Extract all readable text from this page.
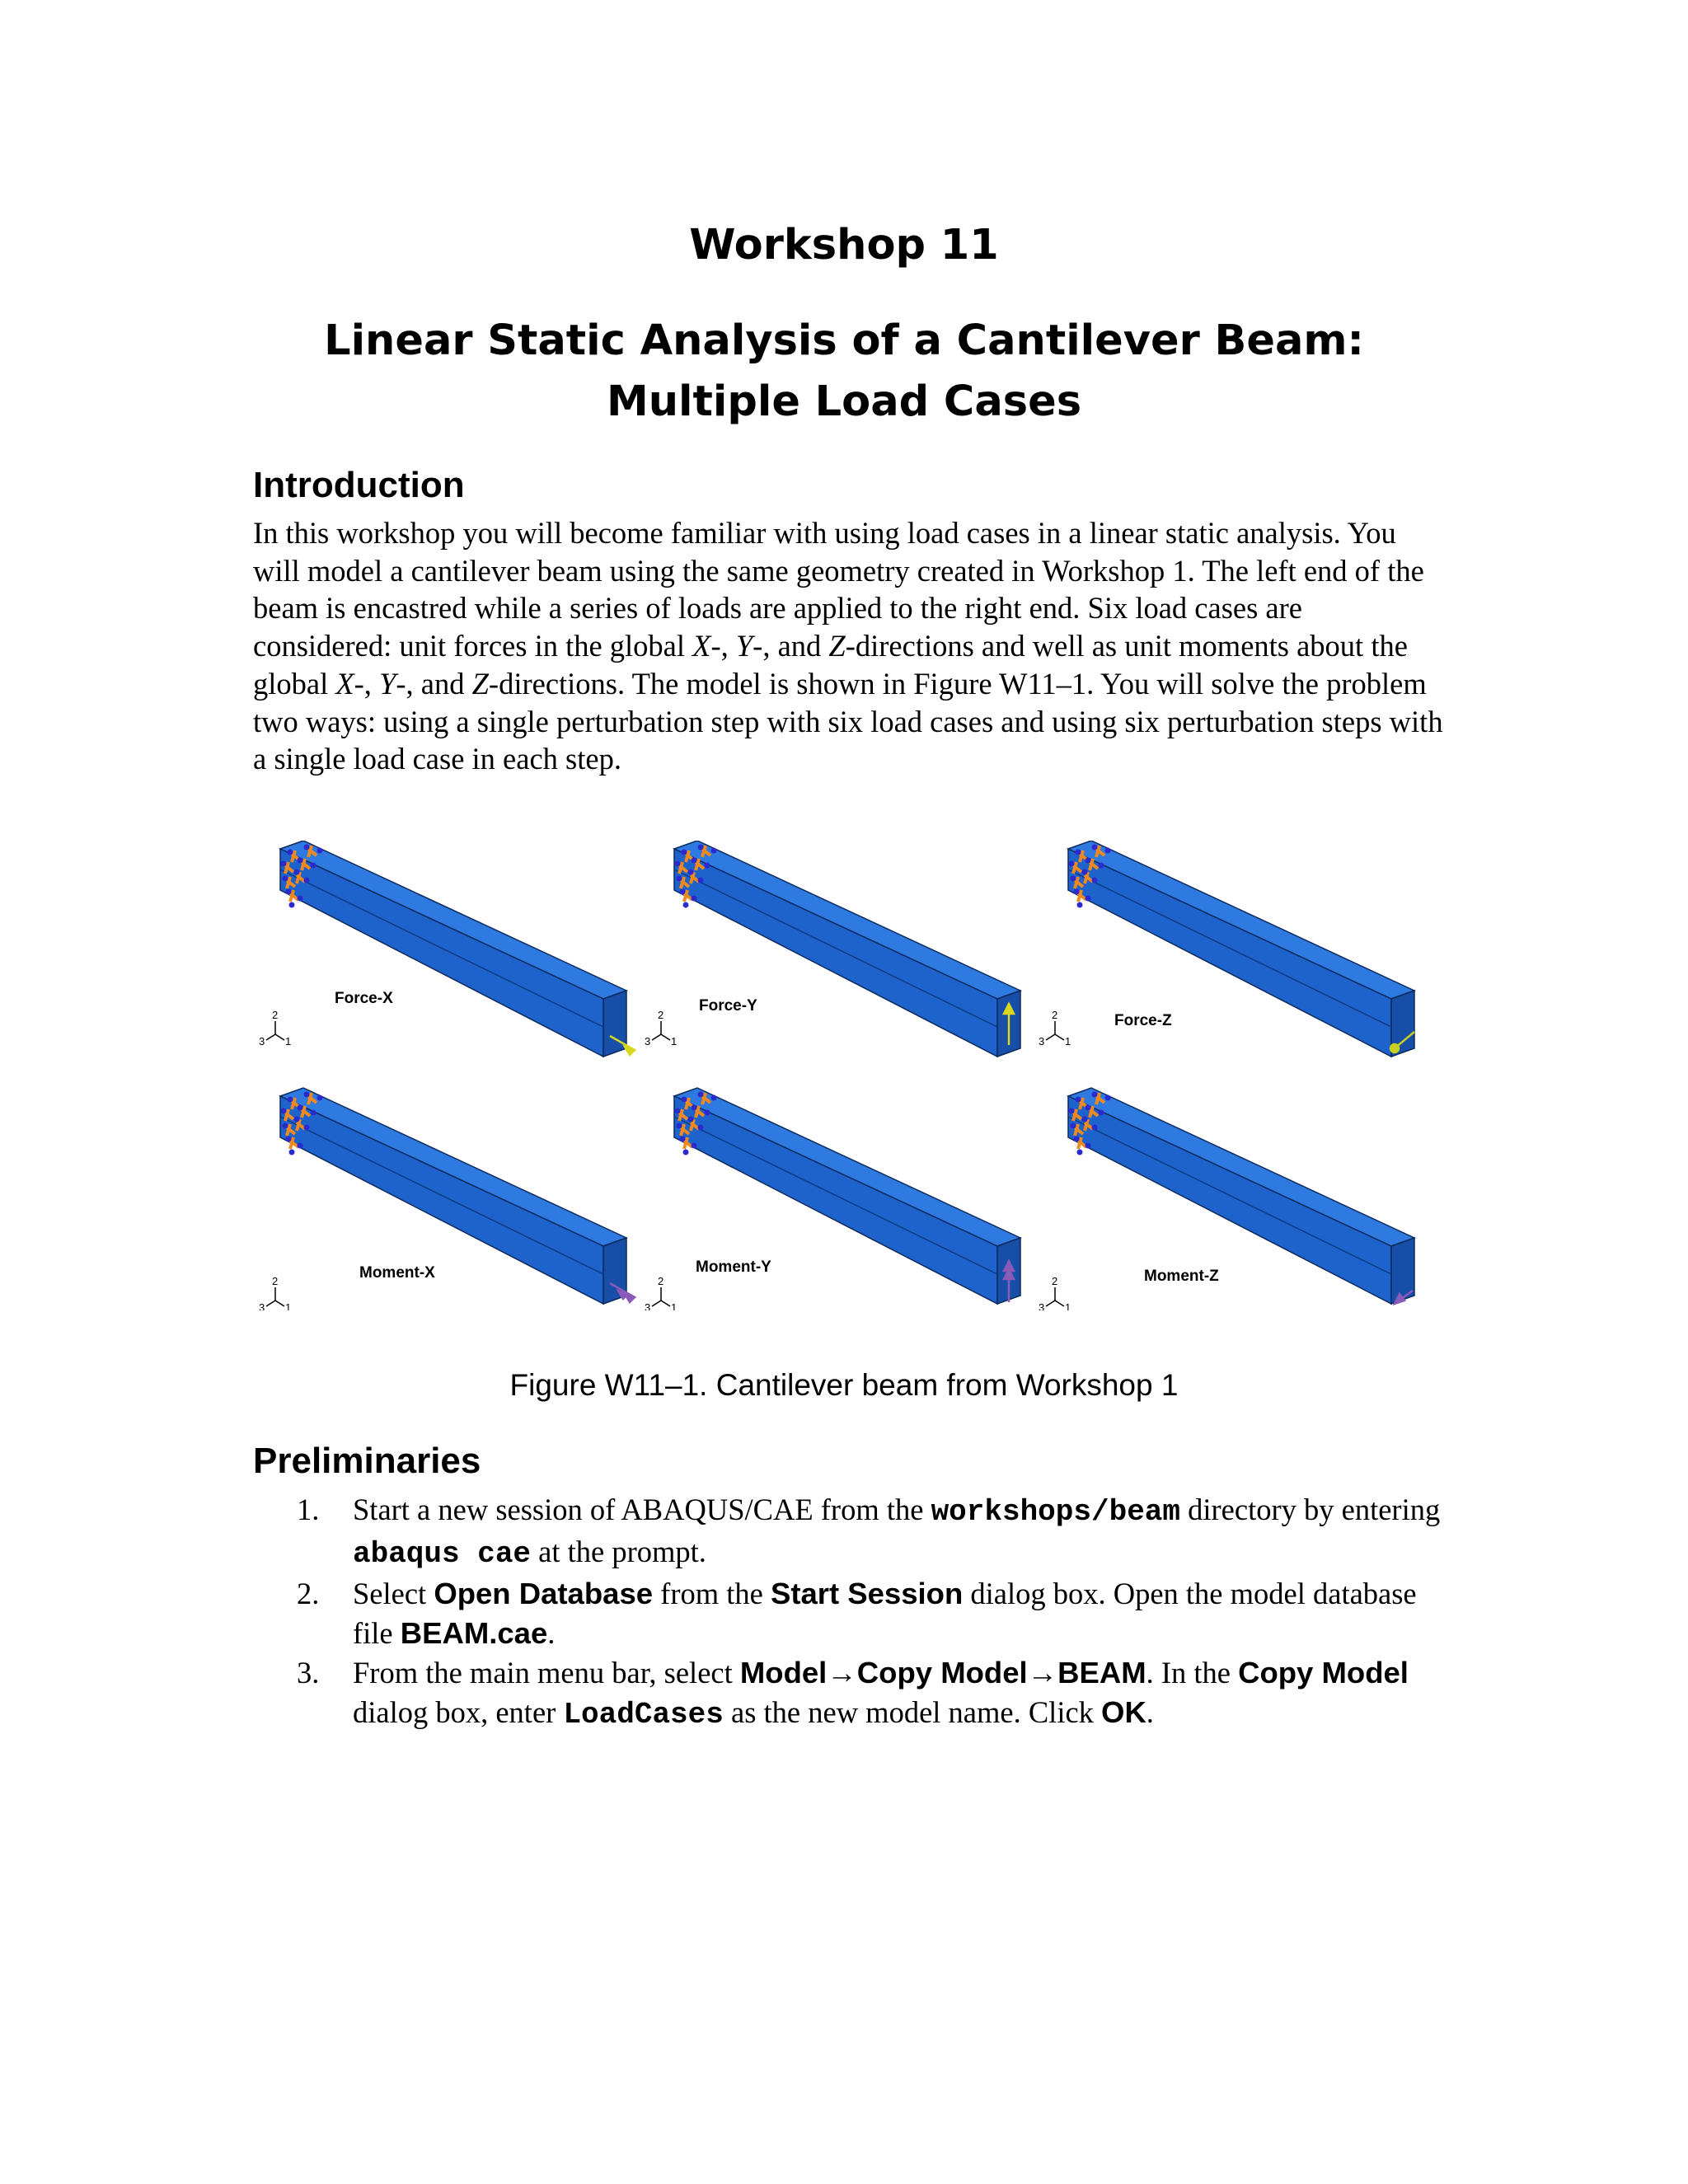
Workshop 11
Linear Static Analysis of a Cantilever Beam:
Multiple Load Cases
Introduction
In this workshop you will become familiar with using load cases in a linear static analysis. You will model a cantilever beam using the same geometry created in Workshop 1. The left end of the beam is encastred while a series of loads are applied to the right end. Six load cases are considered: unit forces in the global X-, Y-, and Z-directions and well as unit moments about the global X-, Y-, and Z-directions. The model is shown in Figure W11–1. You will solve the problem two ways: using a single perturbation step with six load cases and using six perturbation steps with a single load case in each step.
2
3 1
Force-X
2
3 1
Force-Y
2
3 1
Force-Z
2
3 1
Moment-X	2
3 1
Moment-Y
2
3 1
Moment-Z
Figure W11–1. Cantilever beam from Workshop 1
Preliminaries
1. Start a new session of ABAQUS/CAE from the workshops/beam directory by entering abaqus cae at the prompt.
2. Select Open Database from the Start Session dialog box. Open the model database file BEAM.cae.
3. From the main menu bar, select Model→Copy Model→BEAM. In the Copy Model dialog box, enter LoadCases as the new model name. Click OK.
